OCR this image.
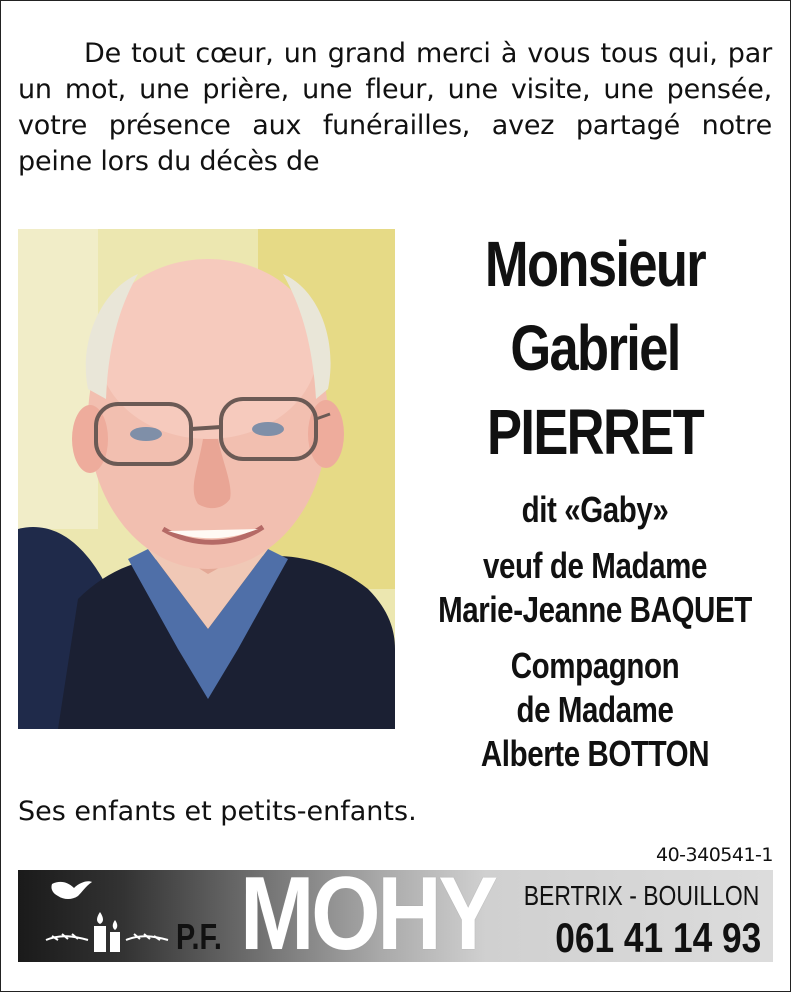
De tout cœur, un grand merci à vous tous qui, par un mot, une prière, une fleur, une visite, une pensée, votre présence aux funérailles, avez partagé notre peine lors du décès de

Monsieur
Gabriel
PIERRET
dit «Gaby»
veuf de Madame
Marie-Jeanne BAQUET
Compagnon
de Madame
Alberte BOTTON
Ses enfants et petits-enfants.
40-340541-1
P.F. MOHY BERTRIX - BOUILLON
061 41 14 93
